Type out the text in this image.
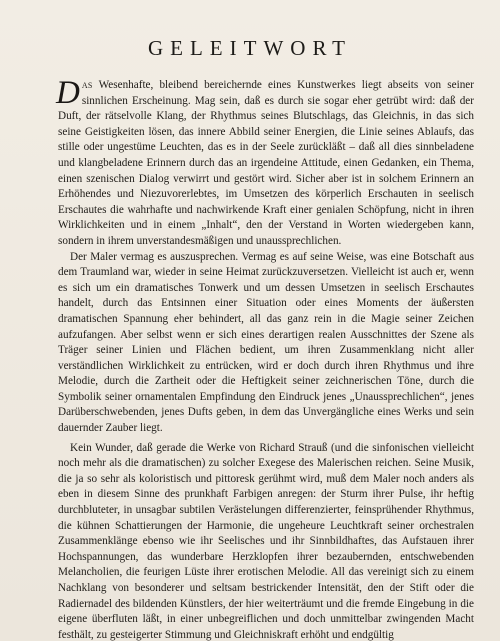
GELEITWORT

Das Wesenhafte, bleibend bereichernde eines Kunstwerkes liegt abseits von seiner sinnlichen Erscheinung. Mag sein, daß es durch sie sogar eher getrübt wird: daß der Duft, der rätselvolle Klang, der Rhythmus seines Blutschlags, das Gleichnis, in das sich seine Geistigkeiten lösen, das innere Abbild seiner Energien, die Linie seines Ablaufs, das stille oder ungestüme Leuchten, das es in der Seele zurückläßt – daß all dies sinnbeladene und klangbeladene Erinnern durch das an irgendeine Attitude, einen Gedanken, ein Thema, einen szenischen Dialog verwirrt und gestört wird. Sicher aber ist in solchem Erinnern an Erhöhendes und Niezuvorerlebtes, im Umsetzen des körperlich Erschauten in seelisch Erschautes die wahrhafte und nachwirkende Kraft einer genialen Schöpfung, nicht in ihren Wirklichkeiten und in einem „Inhalt“, den der Verstand in Worten wiedergeben kann, sondern in ihrem unverstandesmäßigen und unaussprechlichen.

Der Maler vermag es auszusprechen. Vermag es auf seine Weise, was eine Botschaft aus dem Traumland war, wieder in seine Heimat zurückzuversetzen. Vielleicht ist auch er, wenn es sich um ein dramatisches Tonwerk und um dessen Umsetzen in seelisch Erschautes handelt, durch das Entsinnen einer Situation oder eines Moments der äußersten dramatischen Spannung eher behindert, all das ganz rein in die Magie seiner Zeichen aufzufangen. Aber selbst wenn er sich eines derartigen realen Ausschnittes der Szene als Träger seiner Linien und Flächen bedient, um ihren Zusammenklang nicht aller verständlichen Wirklichkeit zu entrücken, wird er doch durch ihren Rhythmus und ihre Melodie, durch die Zartheit oder die Heftigkeit seiner zeichnerischen Töne, durch die Symbolik seiner ornamentalen Empfindung den Eindruck jenes „Unaussprechlichen“, jenes Darüberschwebenden, jenes Dufts geben, in dem das Unvergängliche eines Werks und sein dauernder Zauber liegt.

Kein Wunder, daß gerade die Werke von Richard Strauß (und die sinfonischen vielleicht noch mehr als die dramatischen) zu solcher Exegese des Malerischen reichen. Seine Musik, die ja so sehr als koloristisch und pittoresk gerühmt wird, muß dem Maler noch anders als eben in diesem Sinne des prunkhaft Farbigen anregen: der Sturm ihrer Pulse, ihr heftig durchbluteter, in unsagbar subtilen Verästelungen differenzierter, feinsprühender Rhythmus, die kühnen Schattierungen der Harmonie, die ungeheure Leuchtkraft seiner orchestralen Zusammenklänge ebenso wie ihr Seelisches und ihr Sinnbildhaftes, das Aufstauen ihrer Hochspannungen, das wunderbare Herzklopfen ihrer bezaubernden, entschwebenden Melancholien, die feurigen Lüste ihrer erotischen Melodie. All das vereinigt sich zu einem Nachklang von besonderer und seltsam bestrickender Intensität, den der Stift oder die Radiernadel des bildenden Künstlers, der hier weiterträumt und die fremde Eingebung in die eigene überfluten läßt, in einer unbegreiflichen und doch unmittelbar zwingenden Macht festhält, zu gesteigerter Stimmung und Gleichniskraft erhöht und endgültig
